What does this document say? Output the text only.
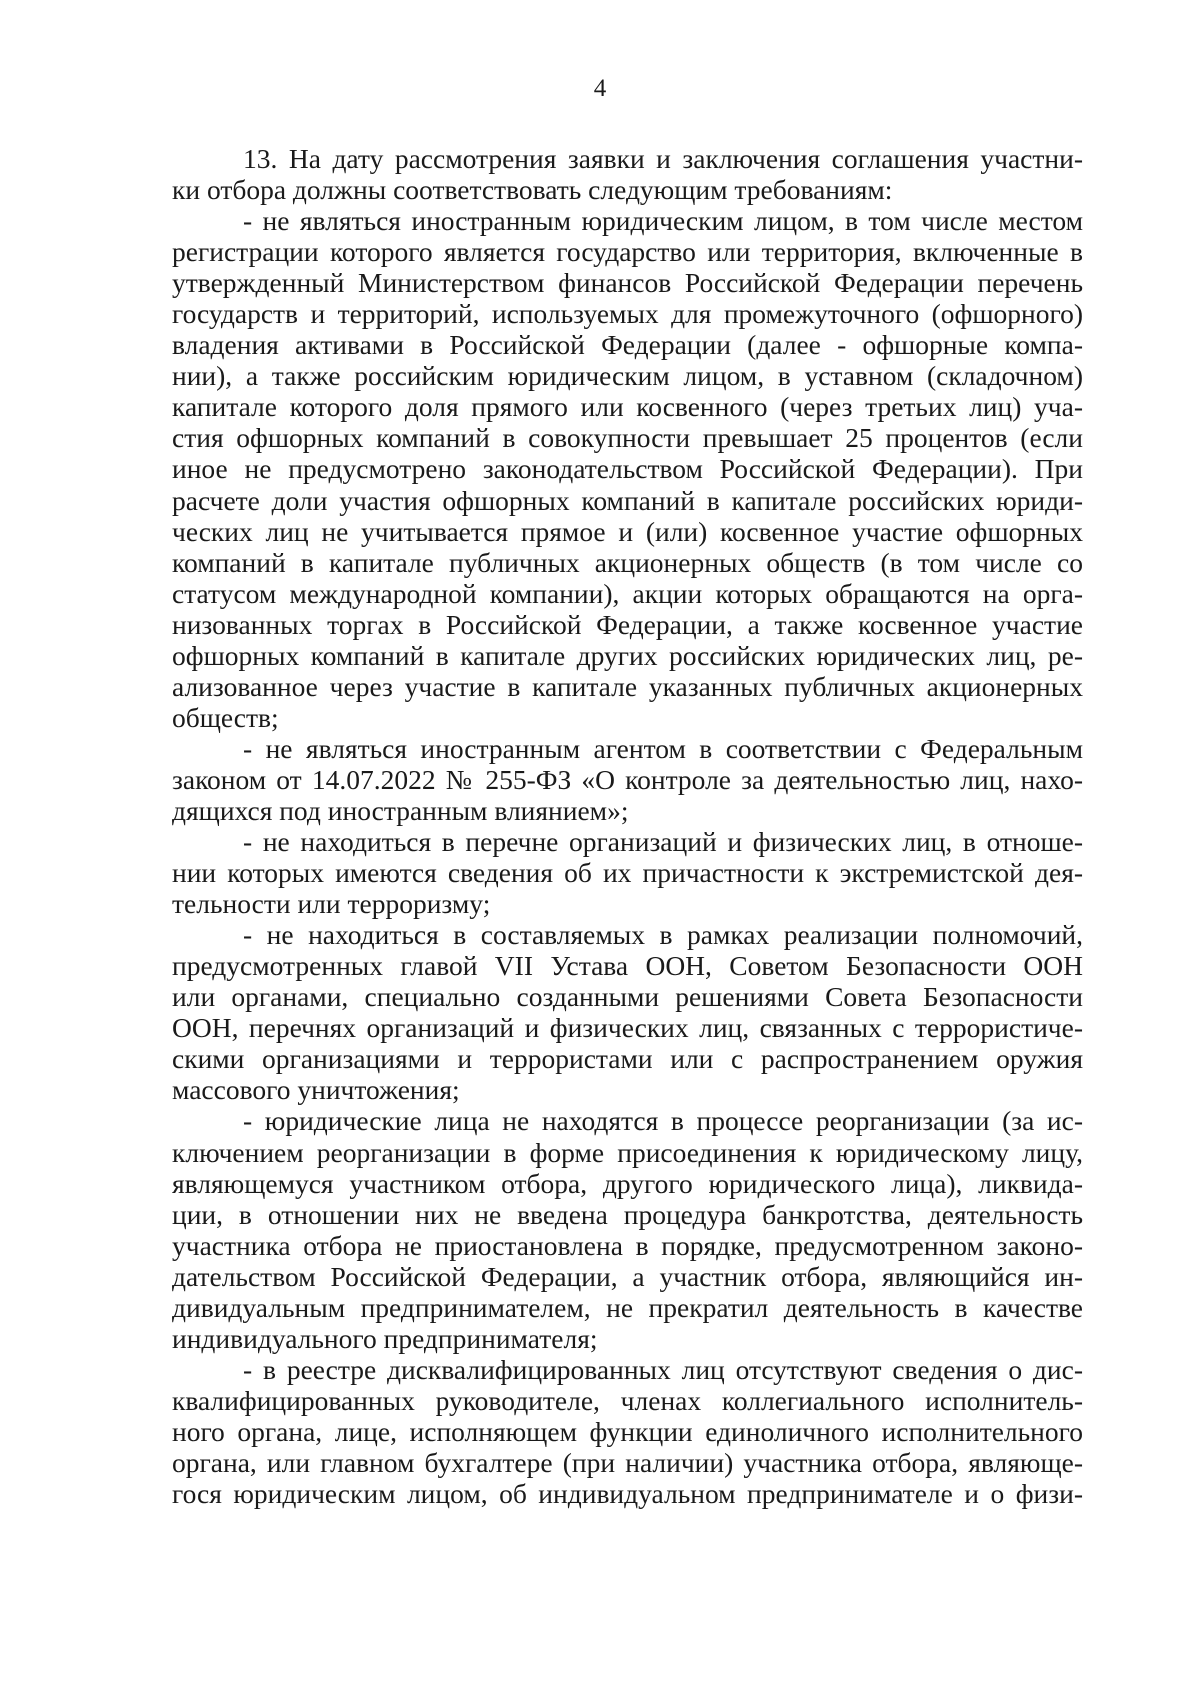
4
13. На дату рассмотрения заявки и заключения соглашения участни-
ки отбора должны соответствовать следующим требованиям:
- не являться иностранным юридическим лицом, в том числе местом
регистрации которого является государство или территория, включенные в
утвержденный Министерством финансов Российской Федерации перечень
государств и территорий, используемых для промежуточного (офшорного)
владения активами в Российской Федерации (далее - офшорные компа-
нии), а также российским юридическим лицом, в уставном (складочном)
капитале которого доля прямого или косвенного (через третьих лиц) уча-
стия офшорных компаний в совокупности превышает 25 процентов (если
иное не предусмотрено законодательством Российской Федерации). При
расчете доли участия офшорных компаний в капитале российских юриди-
ческих лиц не учитывается прямое и (или) косвенное участие офшорных
компаний в капитале публичных акционерных обществ (в том числе со
статусом международной компании), акции которых обращаются на орга-
низованных торгах в Российской Федерации, а также косвенное участие
офшорных компаний в капитале других российских юридических лиц, ре-
ализованное через участие в капитале указанных публичных акционерных
обществ;
- не являться иностранным агентом в соответствии с Федеральным
законом от 14.07.2022 № 255-ФЗ «О контроле за деятельностью лиц, нахо-
дящихся под иностранным влиянием»;
- не находиться в перечне организаций и физических лиц, в отноше-
нии которых имеются сведения об их причастности к экстремистской дея-
тельности или терроризму;
- не находиться в составляемых в рамках реализации полномочий,
предусмотренных главой VII Устава ООН, Советом Безопасности ООН
или органами, специально созданными решениями Совета Безопасности
ООН, перечнях организаций и физических лиц, связанных с террористиче-
скими организациями и террористами или с распространением оружия
массового уничтожения;
- юридические лица не находятся в процессе реорганизации (за ис-
ключением реорганизации в форме присоединения к юридическому лицу,
являющемуся участником отбора, другого юридического лица), ликвида-
ции, в отношении них не введена процедура банкротства, деятельность
участника отбора не приостановлена в порядке, предусмотренном законо-
дательством Российской Федерации, а участник отбора, являющийся ин-
дивидуальным предпринимателем, не прекратил деятельность в качестве
индивидуального предпринимателя;
- в реестре дисквалифицированных лиц отсутствуют сведения о дис-
квалифицированных руководителе, членах коллегиального исполнитель-
ного органа, лице, исполняющем функции единоличного исполнительного
органа, или главном бухгалтере (при наличии) участника отбора, являюще-
гося юридическим лицом, об индивидуальном предпринимателе и о физи-
